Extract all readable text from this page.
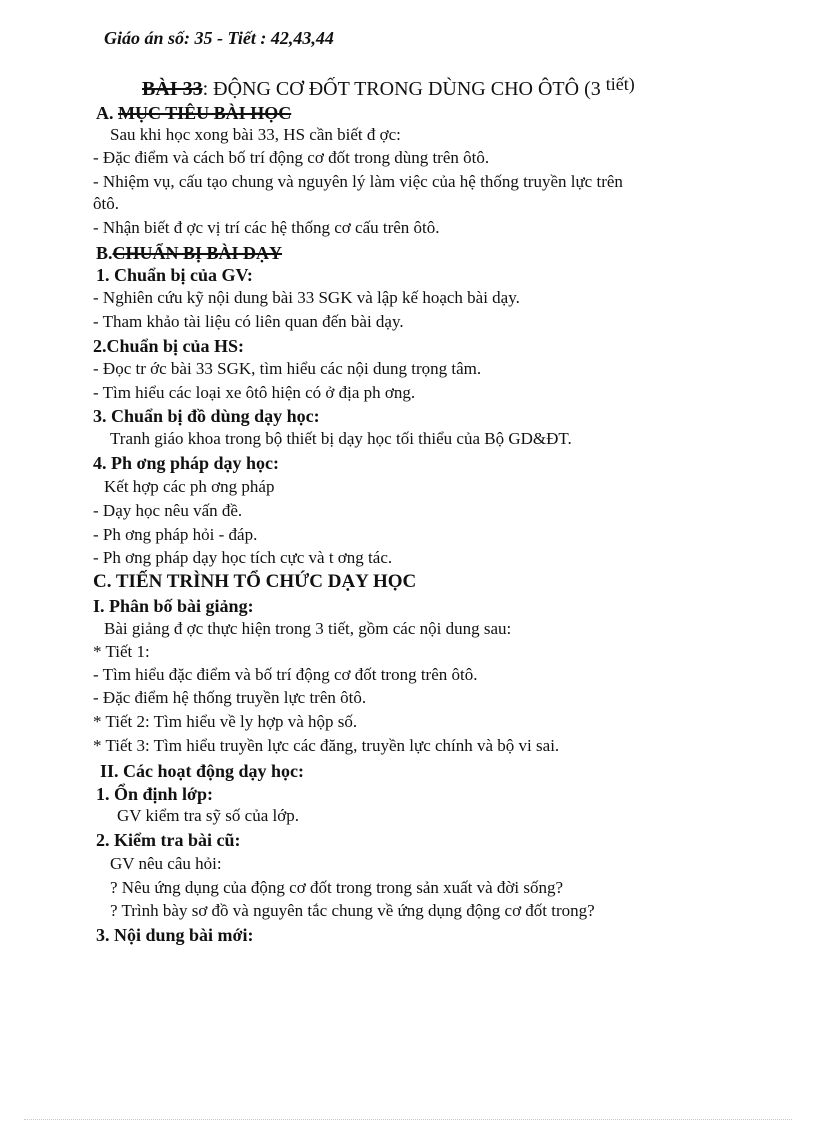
Giáo án số: 35 - Tiết : 42,43,44
BÀI 33: ĐỘNG CƠ ĐỐT TRONG DÙNG CHO ÔTÔ (3 tiết)
A. MỤC TIÊU BÀI HỌC
Sau khi học xong bài 33, HS cần biết đ ợc:
- Đặc điểm và cách bố trí động cơ đốt trong dùng trên ôtô.
- Nhiệm vụ, cấu tạo chung và nguyên lý làm việc của hệ thống truyền lực trên
ôtô.
- Nhận biết đ ợc vị trí các hệ thống cơ cấu trên ôtô.
B.CHUẨN BỊ BÀI DẠY
1. Chuẩn bị của GV:
- Nghiên cứu kỹ nội dung bài 33 SGK và lập kế hoạch bài dạy.
- Tham khảo tài liệu có liên quan đến bài dạy.
2.Chuẩn bị của HS:
- Đọc tr ớc bài 33 SGK, tìm hiểu các nội dung trọng tâm.
- Tìm hiểu các loại xe ôtô hiện có ở địa ph ơng.
3. Chuẩn bị đồ dùng dạy học:
Tranh giáo khoa trong bộ thiết bị dạy học tối thiểu của Bộ GD&ĐT.
4. Ph ơng pháp dạy học:
Kết hợp các ph ơng pháp
- Dạy học nêu vấn đề.
- Ph ơng pháp hỏi - đáp.
- Ph ơng pháp dạy học tích cực và t ơng tác.
C. TIẾN TRÌNH TỔ CHỨC DẠY HỌC
I. Phân bố bài giảng:
Bài giảng đ ợc thực hiện trong 3 tiết, gồm các nội dung sau:
* Tiết 1:
- Tìm hiểu đặc điểm và bố trí động cơ đốt trong trên ôtô.
- Đặc điểm hệ thống truyền lực trên ôtô.
* Tiết 2: Tìm hiểu về ly hợp và hộp số.
* Tiết 3: Tìm hiểu truyền lực các đăng, truyền lực chính và bộ vi sai.
II. Các hoạt động dạy học:
1. Ổn định lớp:
GV kiểm tra sỹ số của lớp.
2. Kiểm tra bài cũ:
GV nêu câu hỏi:
? Nêu ứng dụng của động cơ đốt trong trong sản xuất và đời sống?
? Trình bày sơ đồ và nguyên tắc chung về ứng dụng động cơ đốt trong?
3. Nội dung bài mới:
